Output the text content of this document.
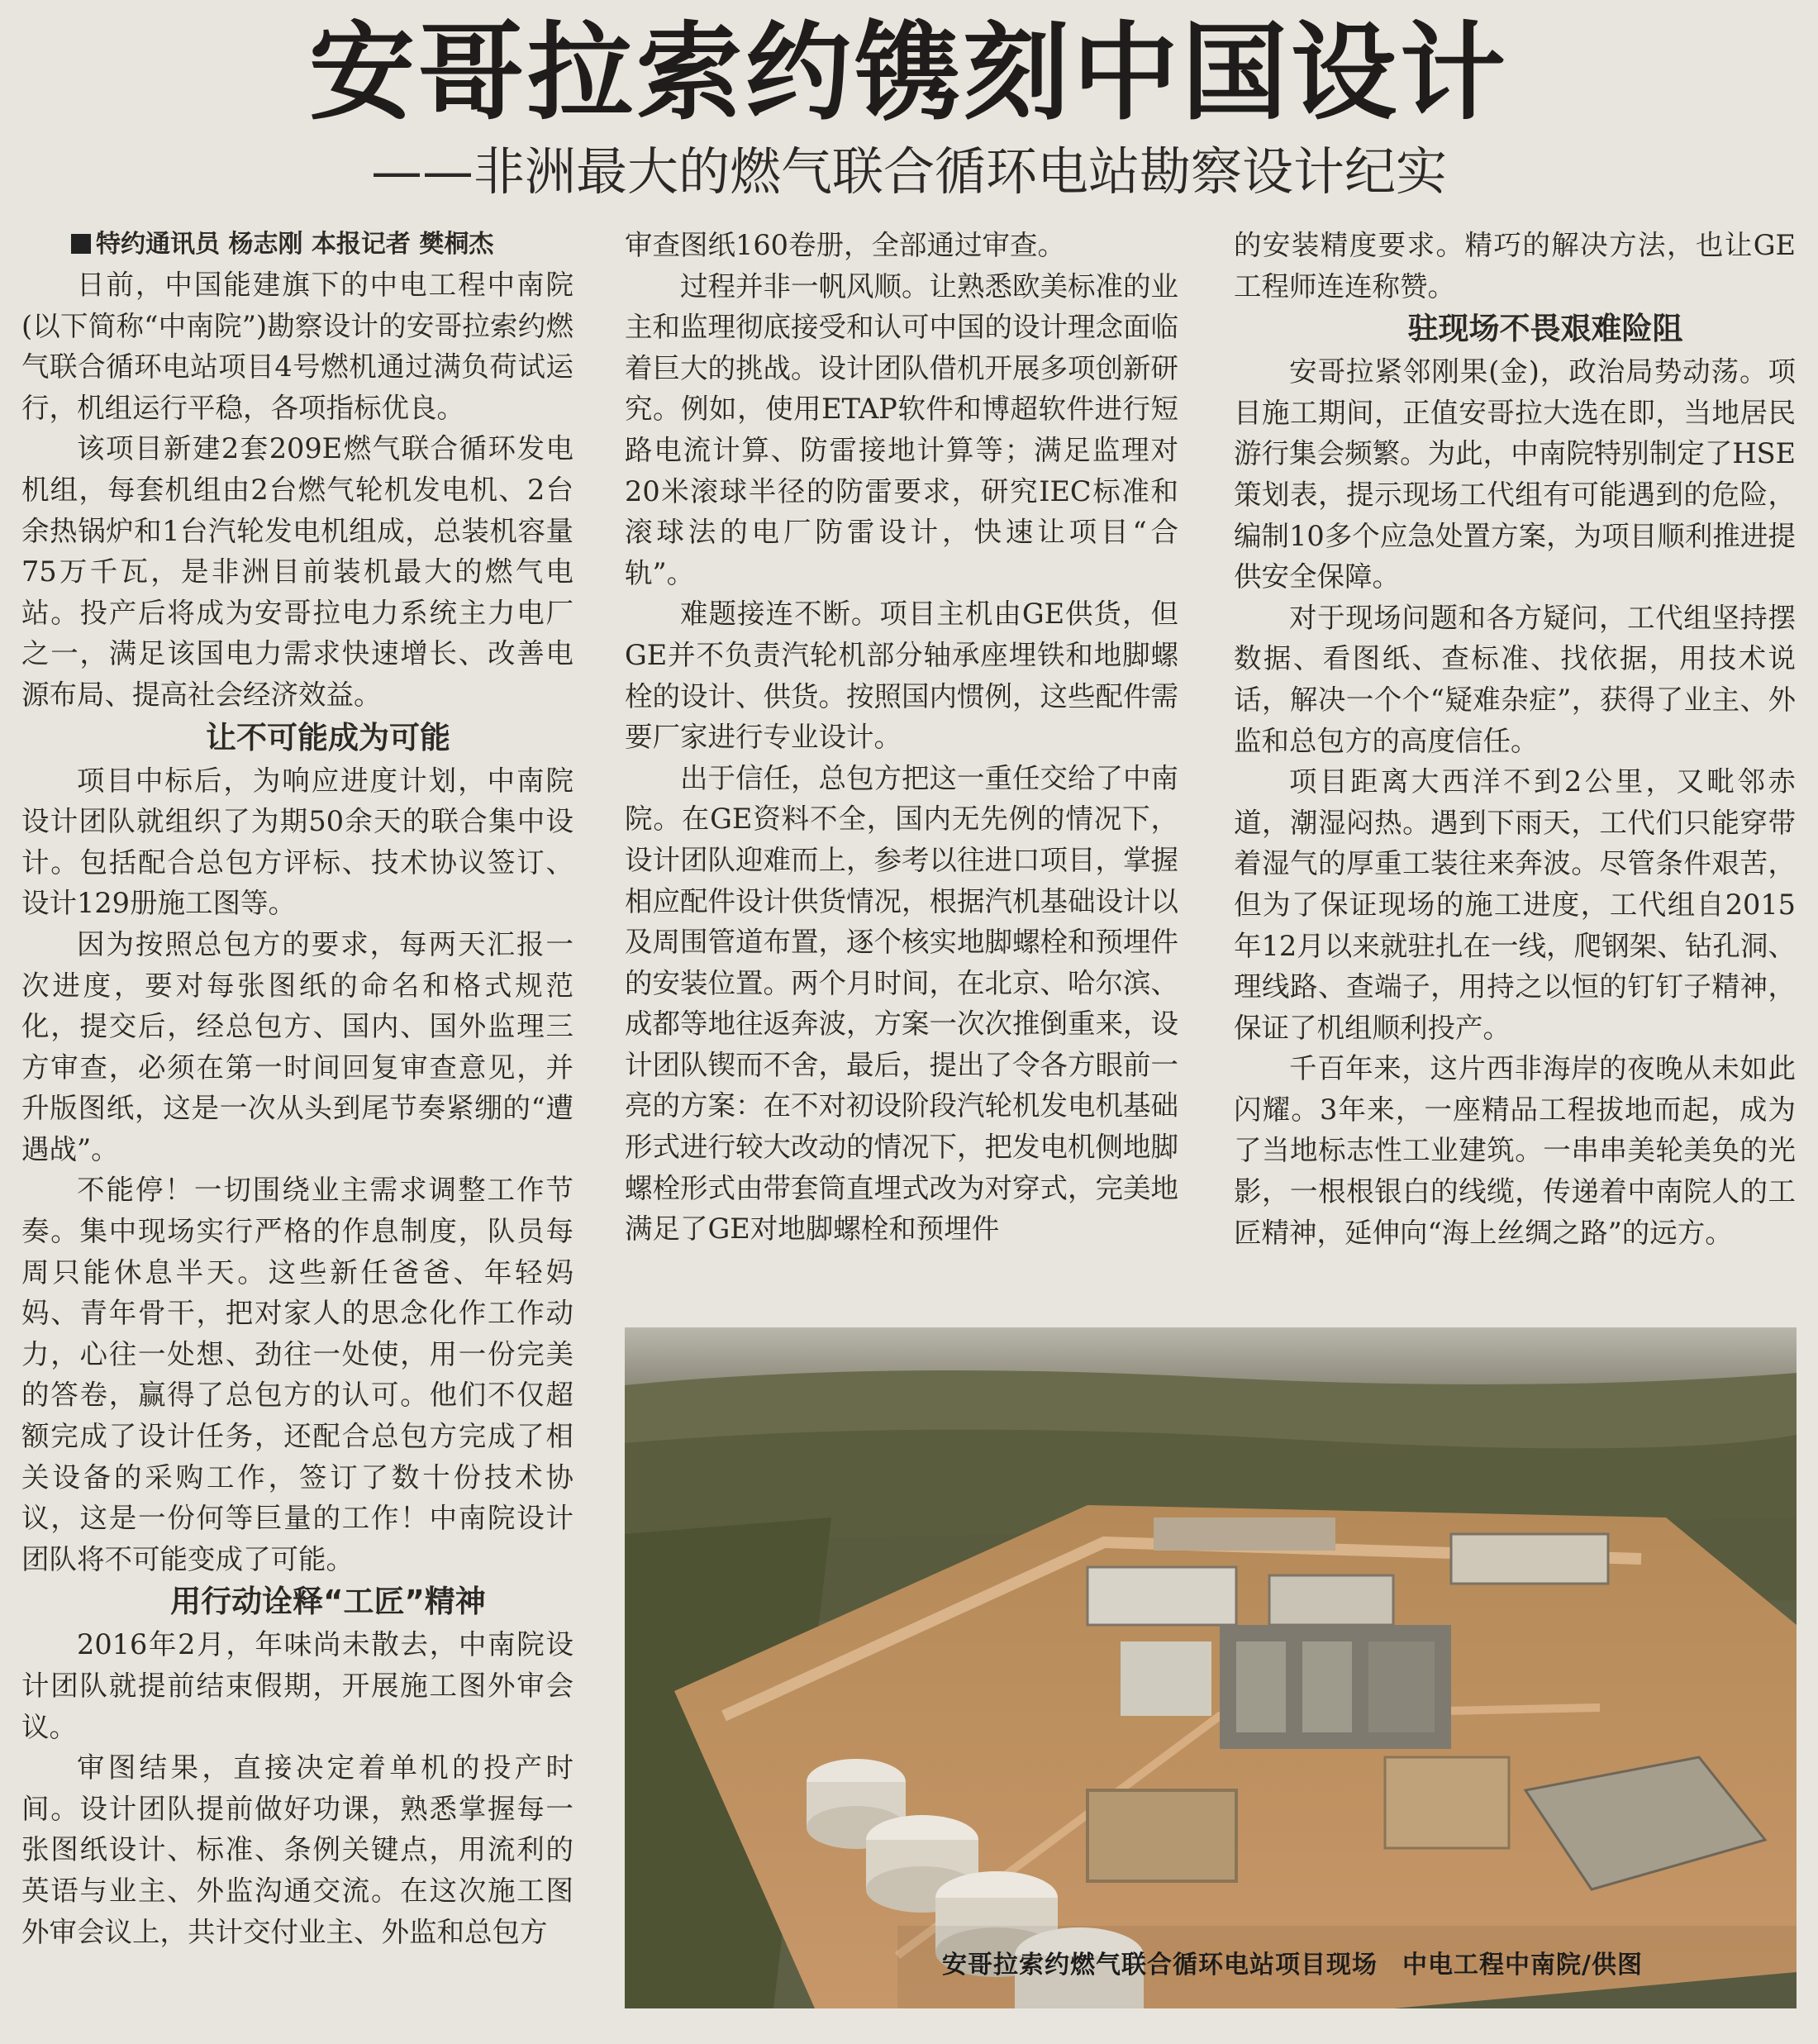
安哥拉索约镌刻中国设计
——非洲最大的燃气联合循环电站勘察设计纪实

特约通讯员 杨志刚 本报记者 樊桐杰

日前，中国能建旗下的中电工程中南院(以下简称“中南院”)勘察设计的安哥拉索约燃气联合循环电站项目4号燃机通过满负荷试运行，机组运行平稳，各项指标优良。

该项目新建2套209E燃气联合循环发电机组，每套机组由2台燃气轮机发电机、2台余热锅炉和1台汽轮发电机组成，总装机容量75万千瓦，是非洲目前装机最大的燃气电站。投产后将成为安哥拉电力系统主力电厂之一，满足该国电力需求快速增长、改善电源布局、提高社会经济效益。

让不可能成为可能

项目中标后，为响应进度计划，中南院设计团队就组织了为期50余天的联合集中设计。包括配合总包方评标、技术协议签订、设计129册施工图等。

因为按照总包方的要求，每两天汇报一次进度，要对每张图纸的命名和格式规范化，提交后，经总包方、国内、国外监理三方审查，必须在第一时间回复审查意见，并升版图纸，这是一次从头到尾节奏紧绷的“遭遇战”。

不能停！一切围绕业主需求调整工作节奏。集中现场实行严格的作息制度，队员每周只能休息半天。这些新任爸爸、年轻妈妈、青年骨干，把对家人的思念化作工作动力，心往一处想、劲往一处使，用一份完美的答卷，赢得了总包方的认可。他们不仅超额完成了设计任务，还配合总包方完成了相关设备的采购工作，签订了数十份技术协议，这是一份何等巨量的工作！中南院设计团队将不可能变成了可能。

用行动诠释“工匠”精神

2016年2月，年味尚未散去，中南院设计团队就提前结束假期，开展施工图外审会议。

审图结果，直接决定着单机的投产时间。设计团队提前做好功课，熟悉掌握每一张图纸设计、标准、条例关键点，用流利的英语与业主、外监沟通交流。在这次施工图外审会议上，共计交付业主、外监和总包方

审查图纸160卷册，全部通过审查。

过程并非一帆风顺。让熟悉欧美标准的业主和监理彻底接受和认可中国的设计理念面临着巨大的挑战。设计团队借机开展多项创新研究。例如，使用ETAP软件和博超软件进行短路电流计算、防雷接地计算等；满足监理对20米滚球半径的防雷要求，研究IEC标准和滚球法的电厂防雷设计，快速让项目“合轨”。

难题接连不断。项目主机由GE供货，但GE并不负责汽轮机部分轴承座埋铁和地脚螺栓的设计、供货。按照国内惯例，这些配件需要厂家进行专业设计。

出于信任，总包方把这一重任交给了中南院。在GE资料不全，国内无先例的情况下，设计团队迎难而上，参考以往进口项目，掌握相应配件设计供货情况，根据汽机基础设计以及周围管道布置，逐个核实地脚螺栓和预埋件的安装位置。两个月时间，在北京、哈尔滨、成都等地往返奔波，方案一次次推倒重来，设计团队锲而不舍，最后，提出了令各方眼前一亮的方案：在不对初设阶段汽轮机发电机基础形式进行较大改动的情况下，把发电机侧地脚螺栓形式由带套筒直埋式改为对穿式，完美地满足了GE对地脚螺栓和预埋件

的安装精度要求。精巧的解决方法，也让GE工程师连连称赞。

驻现场不畏艰难险阻

安哥拉紧邻刚果(金)，政治局势动荡。项目施工期间，正值安哥拉大选在即，当地居民游行集会频繁。为此，中南院特别制定了HSE策划表，提示现场工代组有可能遇到的危险，编制10多个应急处置方案，为项目顺利推进提供安全保障。

对于现场问题和各方疑问，工代组坚持摆数据、看图纸、查标准、找依据，用技术说话，解决一个个“疑难杂症”，获得了业主、外监和总包方的高度信任。

项目距离大西洋不到2公里，又毗邻赤道，潮湿闷热。遇到下雨天，工代们只能穿带着湿气的厚重工装往来奔波。尽管条件艰苦，但为了保证现场的施工进度，工代组自2015年12月以来就驻扎在一线，爬钢架、钻孔洞、理线路、查端子，用持之以恒的钉钉子精神，保证了机组顺利投产。

千百年来，这片西非海岸的夜晚从未如此闪耀。3年来，一座精品工程拔地而起，成为了当地标志性工业建筑。一串串美轮美奂的光影，一根根银白的线缆，传递着中南院人的工匠精神，延伸向“海上丝绸之路”的远方。

安哥拉索约燃气联合循环电站项目现场 中电工程中南院/供图
